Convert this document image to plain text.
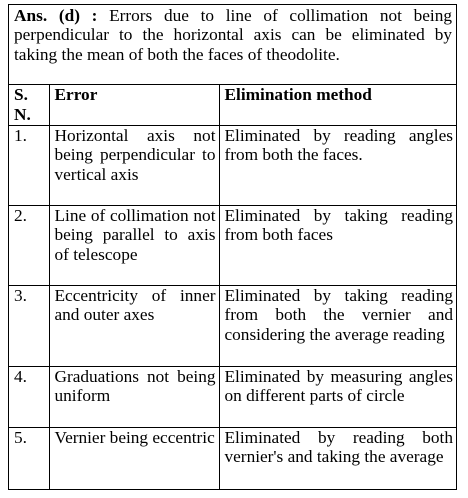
Ans. (d) : Errors due to line of collimation not being perpendicular to the horizontal axis can be eliminated by taking the mean of both the faces of theodolite.
S. N.	Error	Elimination method
1.	Horizontal axis not being perpendicular to vertical axis	Eliminated by reading angles from both the faces.
2.	Line of collimation not being parallel to axis of telescope	Eliminated by taking reading from both faces
3.	Eccentricity of inner and outer axes	Eliminated by taking reading from both the vernier and considering the average reading
4.	Graduations not being uniform	Eliminated by measuring angles on different parts of circle
5.	Vernier being eccentric	Eliminated by reading both vernier's and taking the average
